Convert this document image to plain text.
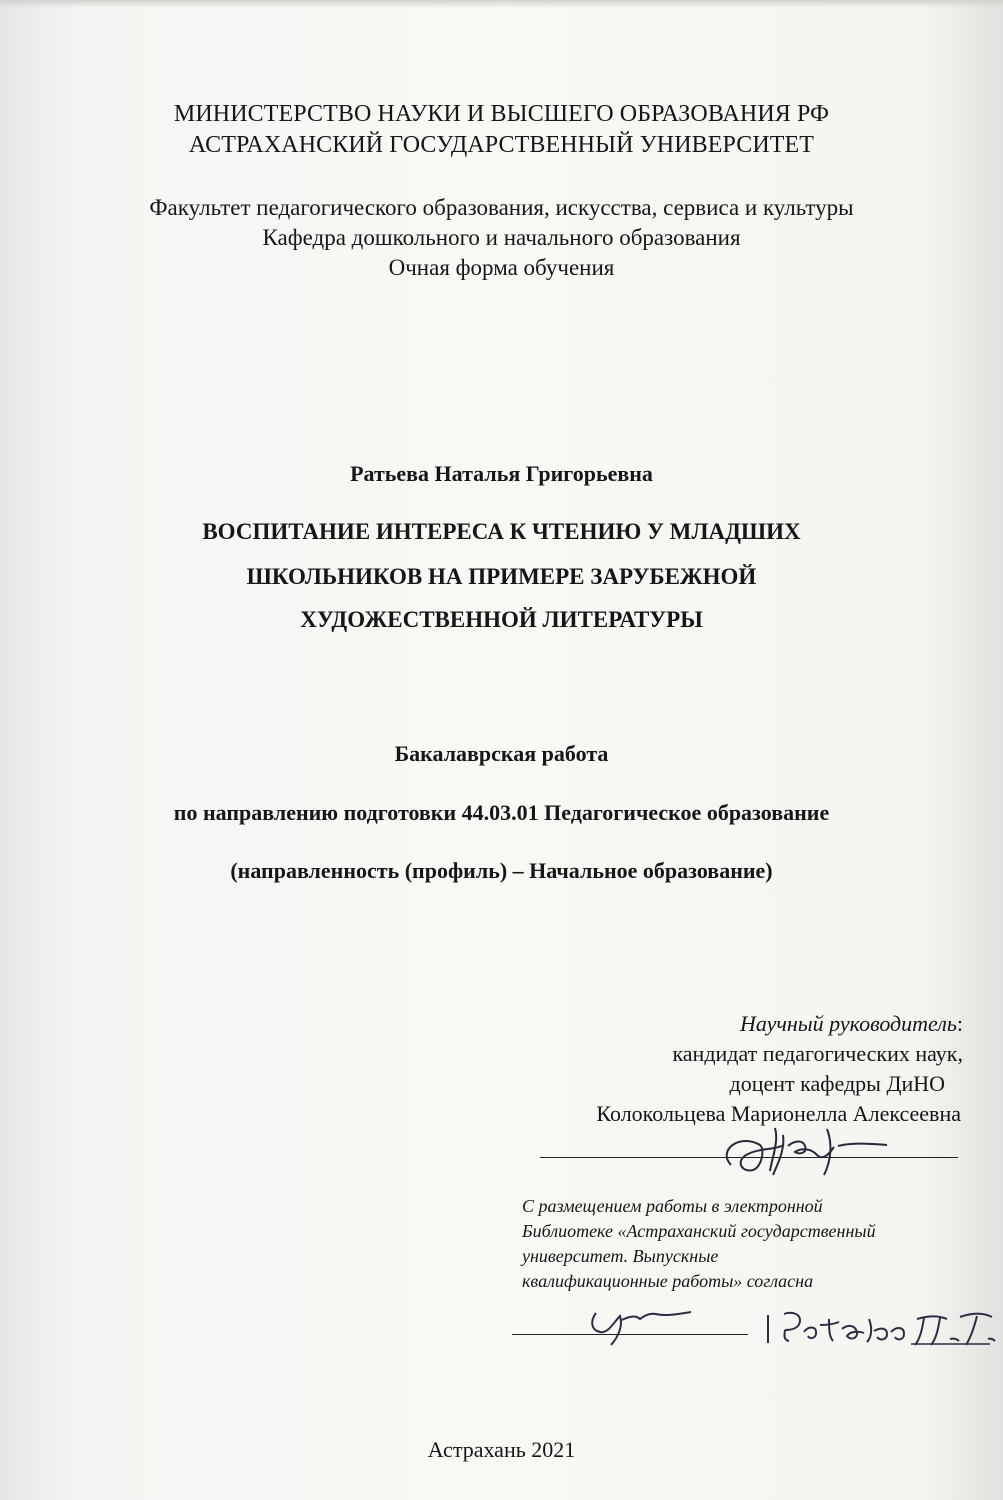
МИНИСТЕРСТВО НАУКИ И ВЫСШЕГО ОБРАЗОВАНИЯ РФ
АСТРАХАНСКИЙ ГОСУДАРСТВЕННЫЙ УНИВЕРСИТЕТ
Факультет педагогического образования, искусства, сервиса и культуры
Кафедра дошкольного и начального образования
Очная форма обучения
Ратьева Наталья Григорьевна
ВОСПИТАНИЕ ИНТЕРЕСА К ЧТЕНИЮ У МЛАДШИХ
ШКОЛЬНИКОВ НА ПРИМЕРЕ ЗАРУБЕЖНОЙ
ХУДОЖЕСТВЕННОЙ ЛИТЕРАТУРЫ
Бакалаврская работа
по направлению подготовки 44.03.01 Педагогическое образование
(направленность (профиль) – Начальное образование)
Научный руководитель:
кандидат педагогических наук,
доцент кафедры ДиНО
Колокольцева Марионелла Алексеевна
С размещением работы в электронной
Библиотеке «Астраханский государственный
университет. Выпускные
квалификационные работы» согласна
Астрахань 2021
